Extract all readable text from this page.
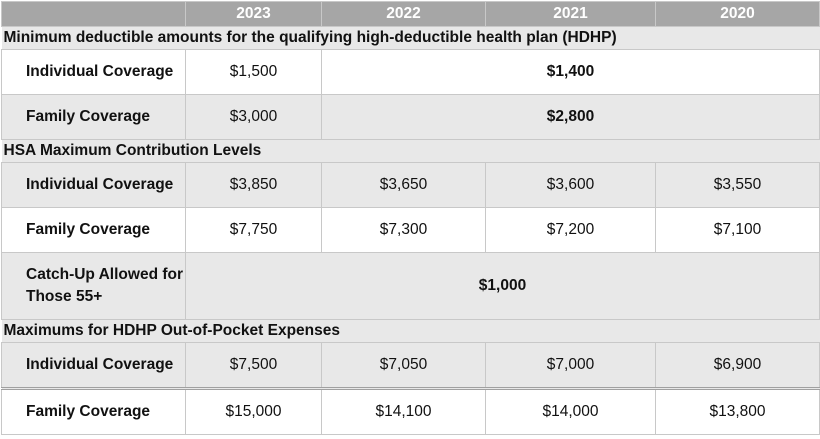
	2023	2022	2021	2020
Minimum deductible amounts for the qualifying high-deductible health plan (HDHP)				
Individual Coverage	$1,500	$1,400		
Family Coverage	$3,000	$2,800		
HSA Maximum Contribution Levels				
Individual Coverage	$3,850	$3,650	$3,600	$3,550
Family Coverage	$7,750	$7,300	$7,200	$7,100
Catch-Up Allowed for Those 55+	$1,000			
Maximums for HDHP Out-of-Pocket Expenses				
Individual Coverage	$7,500	$7,050	$7,000	$6,900
Family Coverage	$15,000	$14,100	$14,000	$13,800
